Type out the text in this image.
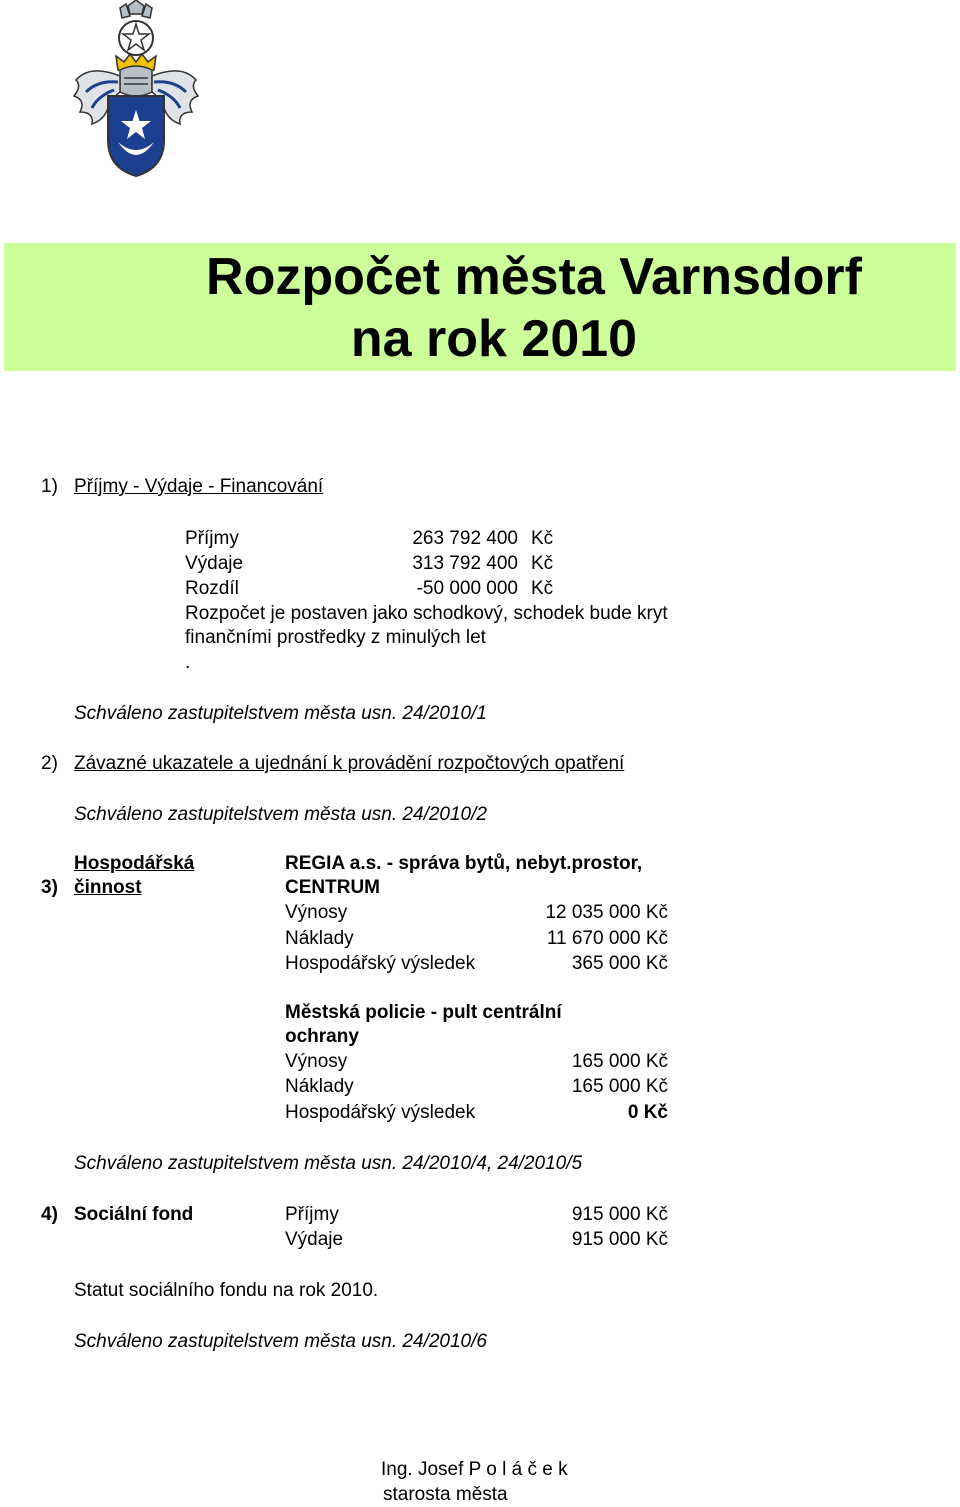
Rozpočet města Varnsdorf
na rok 2010
1) Příjmy - Výdaje - Financování
Příjmy	263 792 400 Kč
Výdaje	313 792 400 Kč
Rozdíl	-50 000 000 Kč
Rozpočet je postaven jako schodkový, schodek bude kryt
finančními prostředky z minulých let
.
Schváleno zastupitelstvem města usn. 24/2010/1
2) Závazné ukazatele a ujednání k provádění rozpočtových opatření
Schváleno zastupitelstvem města usn. 24/2010/2
Hospodářská
3) činnost
REGIA a.s. - správa bytů, nebyt.prostor,
CENTRUM
Výnosy	12 035 000 Kč
Náklady	11 670 000 Kč
Hospodářský výsledek	365 000 Kč
Městská policie - pult centrální
ochrany
Výnosy	165 000 Kč
Náklady	165 000 Kč
Hospodářský výsledek	0 Kč
Schváleno zastupitelstvem města usn. 24/2010/4, 24/2010/5
4) Sociální fond	Příjmy	915 000 Kč
Výdaje	915 000 Kč
Statut sociálního fondu na rok 2010.
Schváleno zastupitelstvem města usn. 24/2010/6
Ing. Josef P o l á č e k
starosta města
